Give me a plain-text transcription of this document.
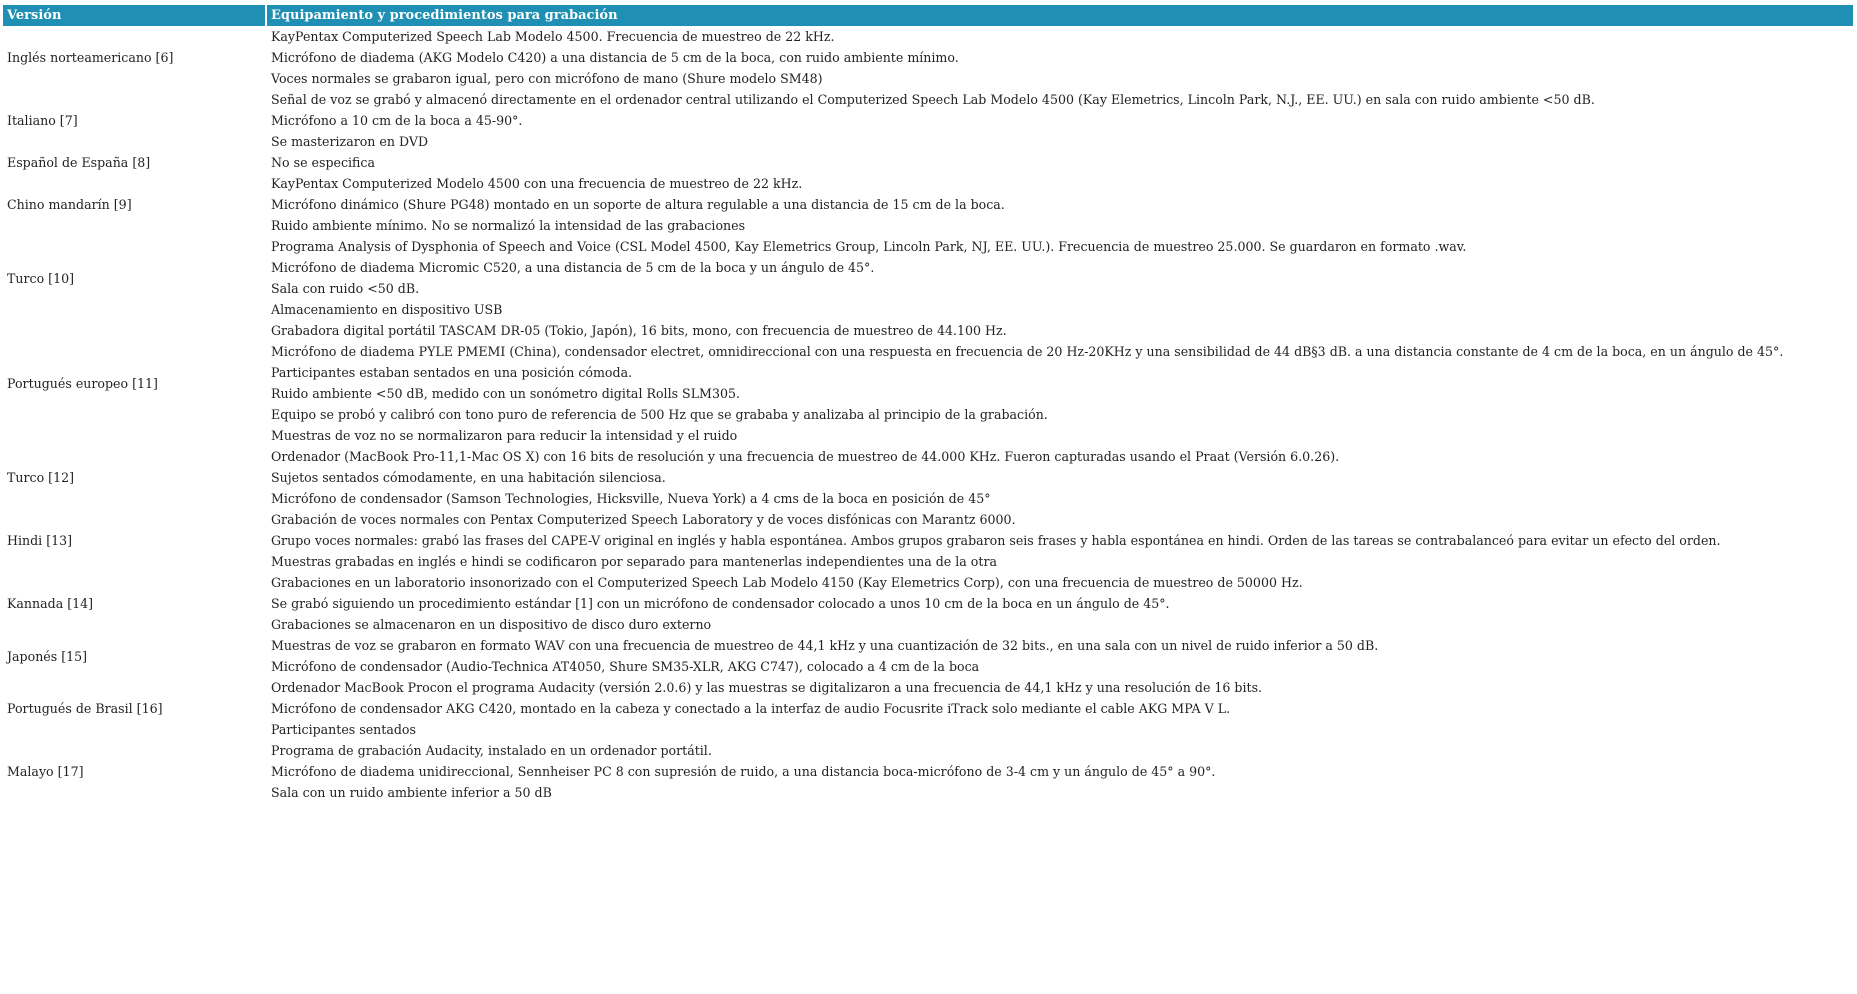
Versión	Equipamiento y procedimientos para grabación
Inglés norteamericano [6]
KayPentax Computerized Speech Lab Modelo 4500. Frecuencia de muestreo de 22 kHz.
Micrófono de diadema (AKG Modelo C420) a una distancia de 5 cm de la boca, con ruido ambiente mínimo.
Voces normales se grabaron igual, pero con micrófono de mano (Shure modelo SM48)
Italiano [7]
Señal de voz se grabó y almacenó directamente en el ordenador central utilizando el Computerized Speech Lab Modelo 4500 (Kay Elemetrics, Lincoln Park, N.J., EE. UU.) en sala con ruido ambiente <50 dB.
Micrófono a 10 cm de la boca a 45-90°.
Se masterizaron en DVD
Español de España [8]	No se especifica
Chino mandarín [9]
KayPentax Computerized Modelo 4500 con una frecuencia de muestreo de 22 kHz.
Micrófono dinámico (Shure PG48) montado en un soporte de altura regulable a una distancia de 15 cm de la boca.
Ruido ambiente mínimo. No se normalizó la intensidad de las grabaciones
Turco [10]
Programa Analysis of Dysphonia of Speech and Voice (CSL Model 4500, Kay Elemetrics Group, Lincoln Park, NJ, EE. UU.). Frecuencia de muestreo 25.000. Se guardaron en formato .wav.
Micrófono de diadema Micromic C520, a una distancia de 5 cm de la boca y un ángulo de 45°.
Sala con ruido <50 dB.
Almacenamiento en dispositivo USB
Portugués europeo [11]
Grabadora digital portátil TASCAM DR-05 (Tokio, Japón), 16 bits, mono, con frecuencia de muestreo de 44.100 Hz.
Micrófono de diadema PYLE PMEMI (China), condensador electret, omnidireccional con una respuesta en frecuencia de 20 Hz-20KHz y una sensibilidad de 44 dB§3 dB. a una distancia constante de 4 cm de la boca, en un ángulo de 45°.
Participantes estaban sentados en una posición cómoda.
Ruido ambiente <50 dB, medido con un sonómetro digital Rolls SLM305.
Equipo se probó y calibró con tono puro de referencia de 500 Hz que se grababa y analizaba al principio de la grabación.
Muestras de voz no se normalizaron para reducir la intensidad y el ruido
Turco [12]
Ordenador (MacBook Pro-11,1-Mac OS X) con 16 bits de resolución y una frecuencia de muestreo de 44.000 KHz. Fueron capturadas usando el Praat (Versión 6.0.26).
Sujetos sentados cómodamente, en una habitación silenciosa.
Micrófono de condensador (Samson Technologies, Hicksville, Nueva York) a 4 cms de la boca en posición de 45°
Hindi [13]
Grabación de voces normales con Pentax Computerized Speech Laboratory y de voces disfónicas con Marantz 6000.
Grupo voces normales: grabó las frases del CAPE-V original en inglés y habla espontánea. Ambos grupos grabaron seis frases y habla espontánea en hindi. Orden de las tareas se contrabalanceó para evitar un efecto del orden.
Muestras grabadas en inglés e hindi se codificaron por separado para mantenerlas independientes una de la otra
Kannada [14]
Grabaciones en un laboratorio insonorizado con el Computerized Speech Lab Modelo 4150 (Kay Elemetrics Corp), con una frecuencia de muestreo de 50000 Hz.
Se grabó siguiendo un procedimiento estándar [1] con un micrófono de condensador colocado a unos 10 cm de la boca en un ángulo de 45°.
Grabaciones se almacenaron en un dispositivo de disco duro externo
Japonés [15]
Muestras de voz se grabaron en formato WAV con una frecuencia de muestreo de 44,1 kHz y una cuantización de 32 bits., en una sala con un nivel de ruido inferior a 50 dB.
Micrófono de condensador (Audio-Technica AT4050, Shure SM35-XLR, AKG C747), colocado a 4 cm de la boca
Portugués de Brasil [16]
Ordenador MacBook Procon el programa Audacity (versión 2.0.6) y las muestras se digitalizaron a una frecuencia de 44,1 kHz y una resolución de 16 bits.
Micrófono de condensador AKG C420, montado en la cabeza y conectado a la interfaz de audio Focusrite iTrack solo mediante el cable AKG MPA V L.
Participantes sentados
Malayo [17]
Programa de grabación Audacity, instalado en un ordenador portátil.
Micrófono de diadema unidireccional, Sennheiser PC 8 con supresión de ruido, a una distancia boca-micrófono de 3-4 cm y un ángulo de 45° a 90°.
Sala con un ruido ambiente inferior a 50 dB
